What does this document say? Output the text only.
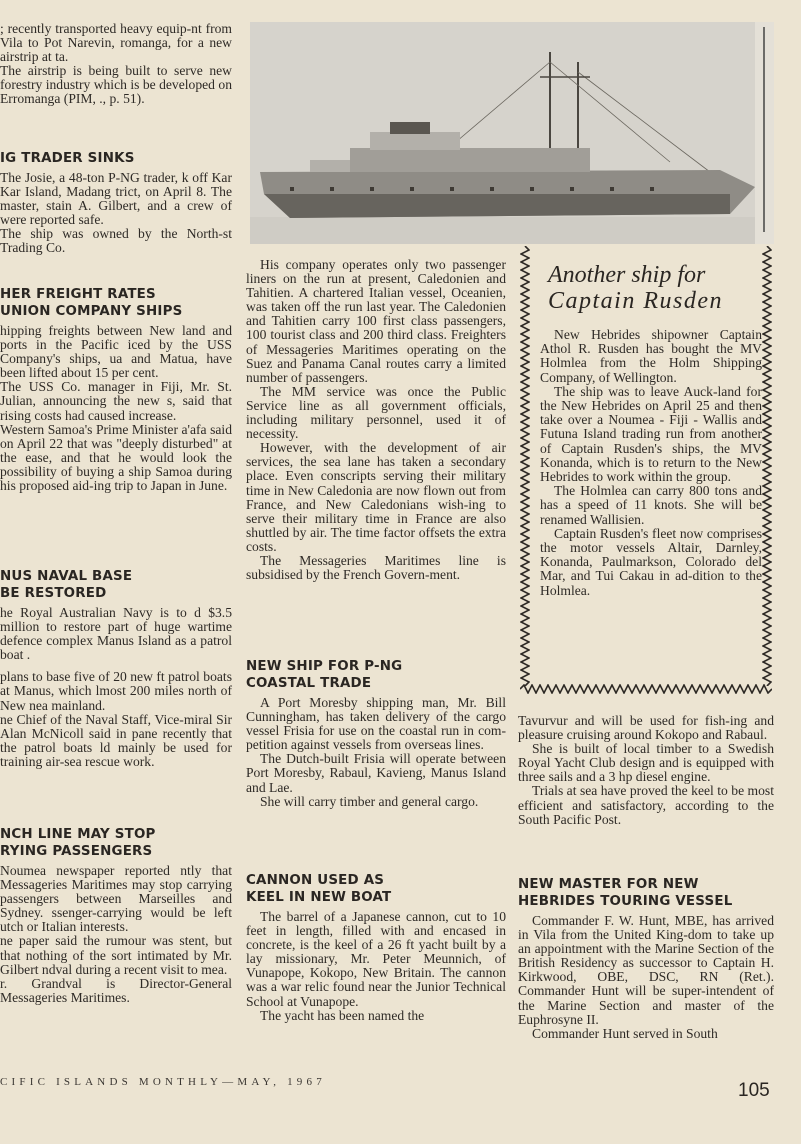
; recently transported heavy equip-nt from Vila to Pot Narevin, romanga, for a new airstrip at ta.

The airstrip is being built to serve new forestry industry which is be developed on Erromanga (PIM, ., p. 51).

IG TRADER SINKS

The Josie, a 48-ton P-NG trader, k off Kar Kar Island, Madang trict, on April 8. The master, stain A. Gilbert, and a crew of were reported safe.

The ship was owned by the North-st Trading Co.

HER FREIGHT RATES
UNION COMPANY SHIPS

hipping freights between New land and ports in the Pacific iced by the USS Company's ships, ua and Matua, have been lifted about 15 per cent.

The USS Co. manager in Fiji, Mr. St. Julian, announcing the new s, said that rising costs had caused increase.

Western Samoa's Prime Minister a'afa said on April 22 that was "deeply disturbed" at the ease, and that he would look the possibility of buying a ship Samoa during his proposed aid-ing trip to Japan in June.

NUS NAVAL BASE
BE RESTORED

he Royal Australian Navy is to d $3.5 million to restore part of huge wartime defence complex Manus Island as a patrol boat .

plans to base five of 20 new ft patrol boats at Manus, which lmost 200 miles north of New nea mainland.

ne Chief of the Naval Staff, Vice-miral Sir Alan McNicoll said in pane recently that the patrol boats ld mainly be used for training air-sea rescue work.

NCH LINE MAY STOP
RYING PASSENGERS

Noumea newspaper reported ntly that Messageries Maritimes may stop carrying passengers between Marseilles and Sydney. ssenger-carrying would be left utch or Italian interests.

ne paper said the rumour was stent, but that nothing of the sort intimated by Mr. Gilbert ndval during a recent visit to mea.

r. Grandval is Director-General Messageries Maritimes.

His company operates only two passenger liners on the run at present, Caledonien and Tahitien. A chartered Italian vessel, Oceanien, was taken off the run last year. The Caledonien and Tahitien carry 100 first class passengers, 100 tourist class and 200 third class. Freighters of Messageries Maritimes operating on the Suez and Panama Canal routes carry a limited number of passengers.

The MM service was once the Public Service line as all government officials, including military personnel, used it of necessity.

However, with the development of air services, the sea lane has taken a secondary place. Even conscripts serving their military time in New Caledonia are now flown out from France, and New Caledonians wish-ing to serve their military time in France are also shuttled by air. The time factor offsets the extra costs.

The Messageries Maritimes line is subsidised by the French Govern-ment.

NEW SHIP FOR P-NG
COASTAL TRADE

A Port Moresby shipping man, Mr. Bill Cunningham, has taken delivery of the cargo vessel Frisia for use on the coastal run in com-petition against vessels from overseas lines.

The Dutch-built Frisia will operate between Port Moresby, Rabaul, Kavieng, Manus Island and Lae.

She will carry timber and general cargo.

CANNON USED AS
KEEL IN NEW BOAT

The barrel of a Japanese cannon, cut to 10 feet in length, filled with and encased in concrete, is the keel of a 26 ft yacht built by a lay missionary, Mr. Peter Meunnich, of Vunapope, Kokopo, New Britain. The cannon was a war relic found near the Junior Technical School at Vunapope.

The yacht has been named the

Another ship for
Captain Rusden

New Hebrides shipowner Captain Athol R. Rusden has bought the MV Holmlea from the Holm Shipping Company, of Wellington.

The ship was to leave Auck-land for the New Hebrides on April 25 and then take over a Noumea - Fiji - Wallis and Futuna Island trading run from another of Captain Rusden's ships, the MV Konanda, which is to return to the New Hebrides to work within the group.

The Holmlea can carry 800 tons and has a speed of 11 knots. She will be renamed Wallisien.

Captain Rusden's fleet now comprises the motor vessels Altair, Darnley, Konanda, Paulmarkson, Colorado del Mar, and Tui Cakau in ad-dition to the Holmlea.

Tavurvur and will be used for fish-ing and pleasure cruising around Kokopo and Rabaul.

She is built of local timber to a Swedish Royal Yacht Club design and is equipped with three sails and a 3 hp diesel engine.

Trials at sea have proved the keel to be most efficient and satisfactory, according to the South Pacific Post.

NEW MASTER FOR NEW
HEBRIDES TOURING VESSEL

Commander F. W. Hunt, MBE, has arrived in Vila from the United King-dom to take up an appointment with the Marine Section of the British Residency as successor to Captain H. Kirkwood, OBE, DSC, RN (Ret.). Commander Hunt will be super-intendent of the Marine Section and master of the Euphrosyne II.

Commander Hunt served in South

CIFIC ISLANDS MONTHLY—MAY, 1967	105
